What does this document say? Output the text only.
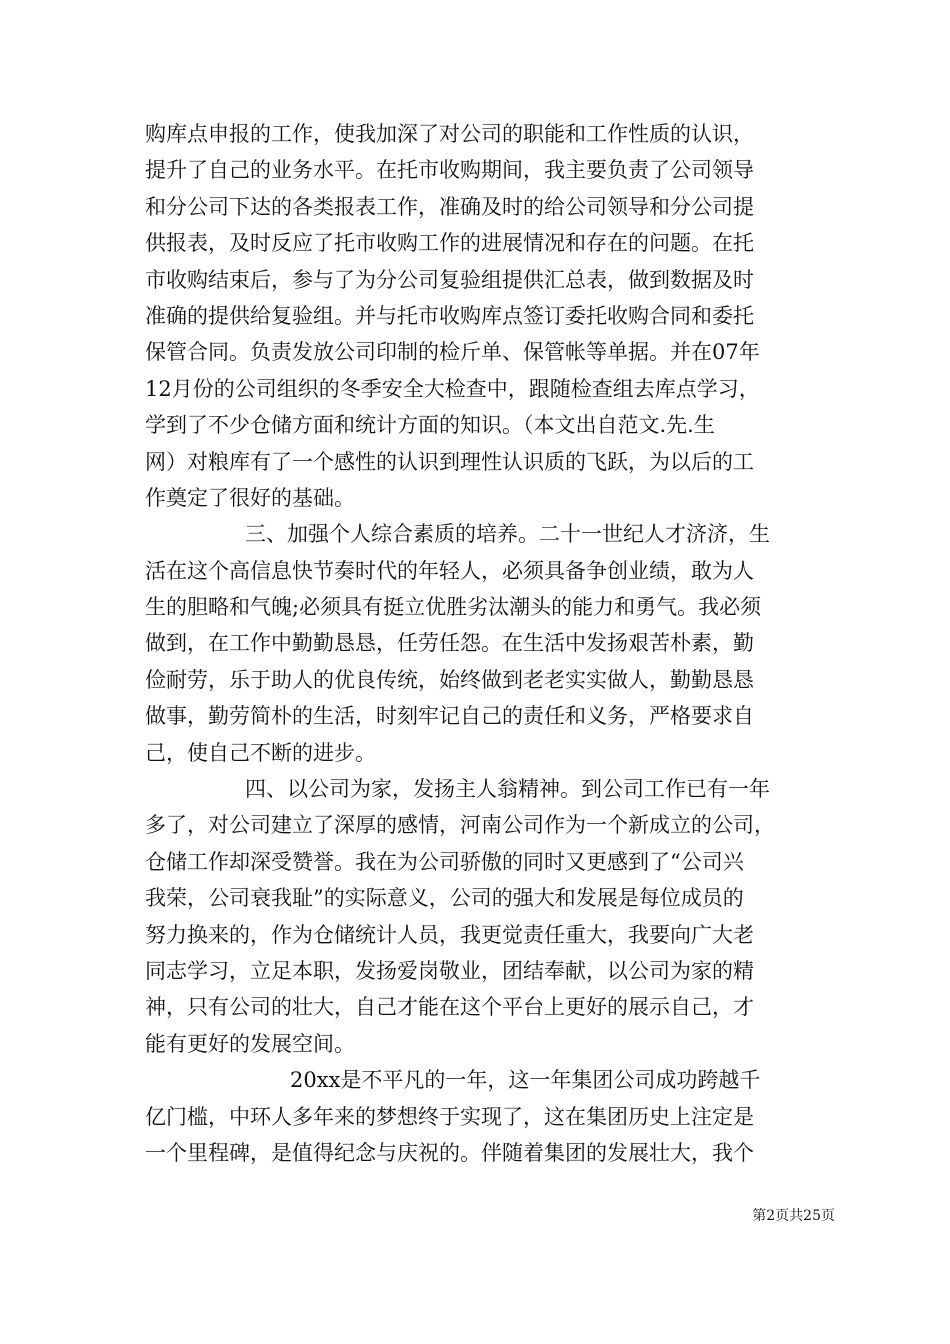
购库点申报的工作，使我加深了对公司的职能和工作性质的认识，
提升了自己的业务水平。在托市收购期间，我主要负责了公司领导
和分公司下达的各类报表工作，准确及时的给公司领导和分公司提
供报表，及时反应了托市收购工作的进展情况和存在的问题。在托
市收购结束后，参与了为分公司复验组提供汇总表，做到数据及时
准确的提供给复验组。并与托市收购库点签订委托收购合同和委托
保管合同。负责发放公司印制的检斤单、保管帐等单据。并在07年
12月份的公司组织的冬季安全大检查中，跟随检查组去库点学习，
学到了不少仓储方面和统计方面的知识。（本文出自范文.先.生
网）对粮库有了一个感性的认识到理性认识质的飞跃，为以后的工
作奠定了很好的基础。
三、加强个人综合素质的培养。二十一世纪人才济济，生
活在这个高信息快节奏时代的年轻人，必须具备争创业绩，敢为人
生的胆略和气魄;必须具有挺立优胜劣汰潮头的能力和勇气。我必须
做到，在工作中勤勤恳恳，任劳任怨。在生活中发扬艰苦朴素，勤
俭耐劳，乐于助人的优良传统，始终做到老老实实做人，勤勤恳恳
做事，勤劳简朴的生活，时刻牢记自己的责任和义务，严格要求自
己，使自己不断的进步。
四、以公司为家，发扬主人翁精神。到公司工作已有一年
多了，对公司建立了深厚的感情，河南公司作为一个新成立的公司，
仓储工作却深受赞誉。我在为公司骄傲的同时又更感到了“公司兴
我荣，公司衰我耻”的实际意义，公司的强大和发展是每位成员的
努力换来的，作为仓储统计人员，我更觉责任重大，我要向广大老
同志学习，立足本职，发扬爱岗敬业，团结奉献，以公司为家的精
神，只有公司的壮大，自己才能在这个平台上更好的展示自己，才
能有更好的发展空间。
20xx是不平凡的一年，这一年集团公司成功跨越千
亿门槛，中环人多年来的梦想终于实现了，这在集团历史上注定是
一个里程碑，是值得纪念与庆祝的。伴随着集团的发展壮大，我个
第2页共25页
